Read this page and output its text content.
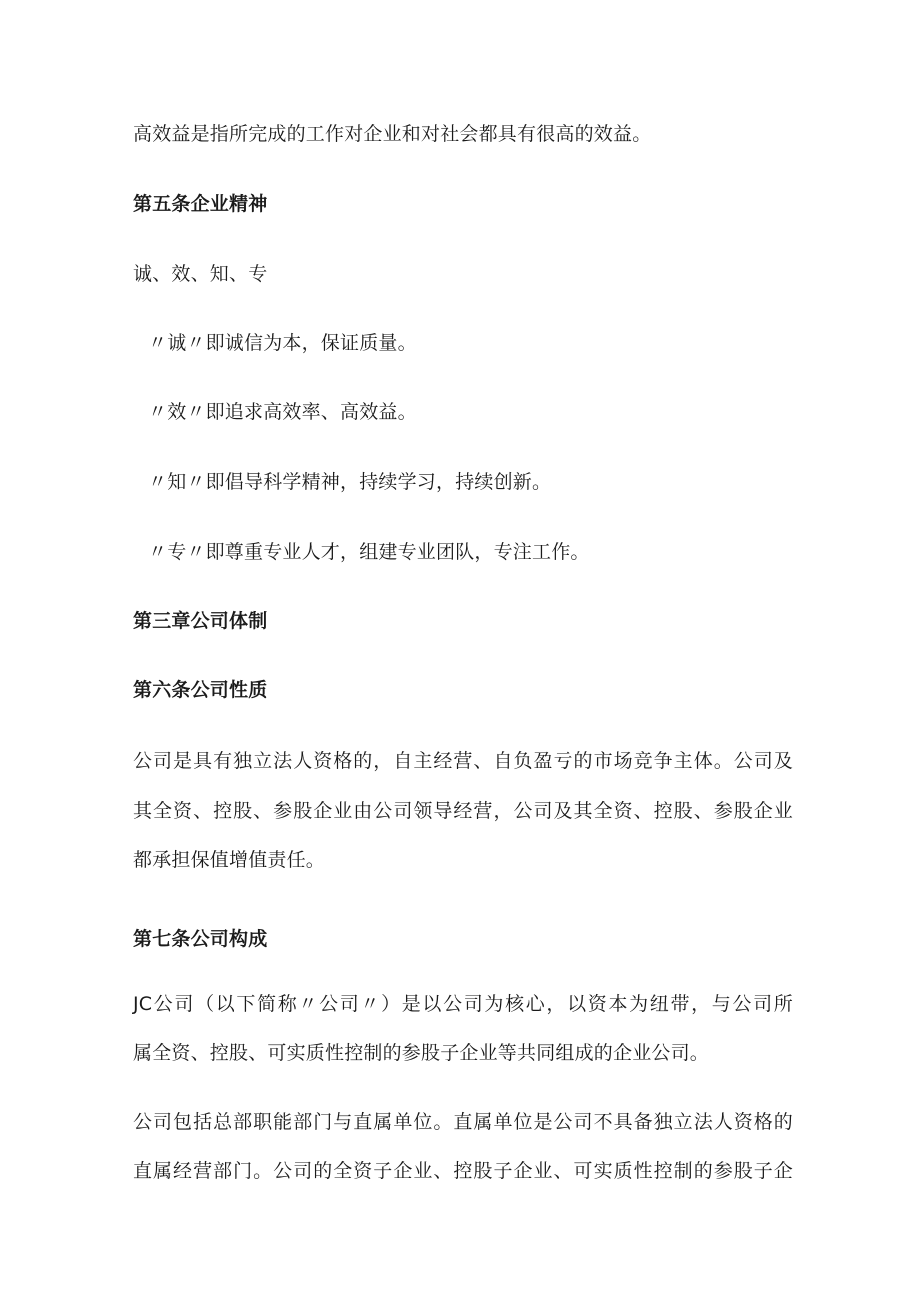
高效益是指所完成的工作对企业和对社会都具有很高的效益。
第五条企业精神
诚、效、知、专
〃诚〃即诚信为本，保证质量。
〃效〃即追求高效率、高效益。
〃知〃即倡导科学精神，持续学习，持续创新。
〃专〃即尊重专业人才，组建专业团队，专注工作。
第三章公司体制
第六条公司性质
公司是具有独立法人资格的，自主经营、自负盈亏的市场竞争主体。公司及
其全资、控股、参股企业由公司领导经营，公司及其全资、控股、参股企业
都承担保值增值责任。
第七条公司构成
JC公司（以下简称〃公司〃）是以公司为核心，以资本为纽带，与公司所
属全资、控股、可实质性控制的参股子企业等共同组成的企业公司。
公司包括总部职能部门与直属单位。直属单位是公司不具备独立法人资格的
直属经营部门。公司的全资子企业、控股子企业、可实质性控制的参股子企
